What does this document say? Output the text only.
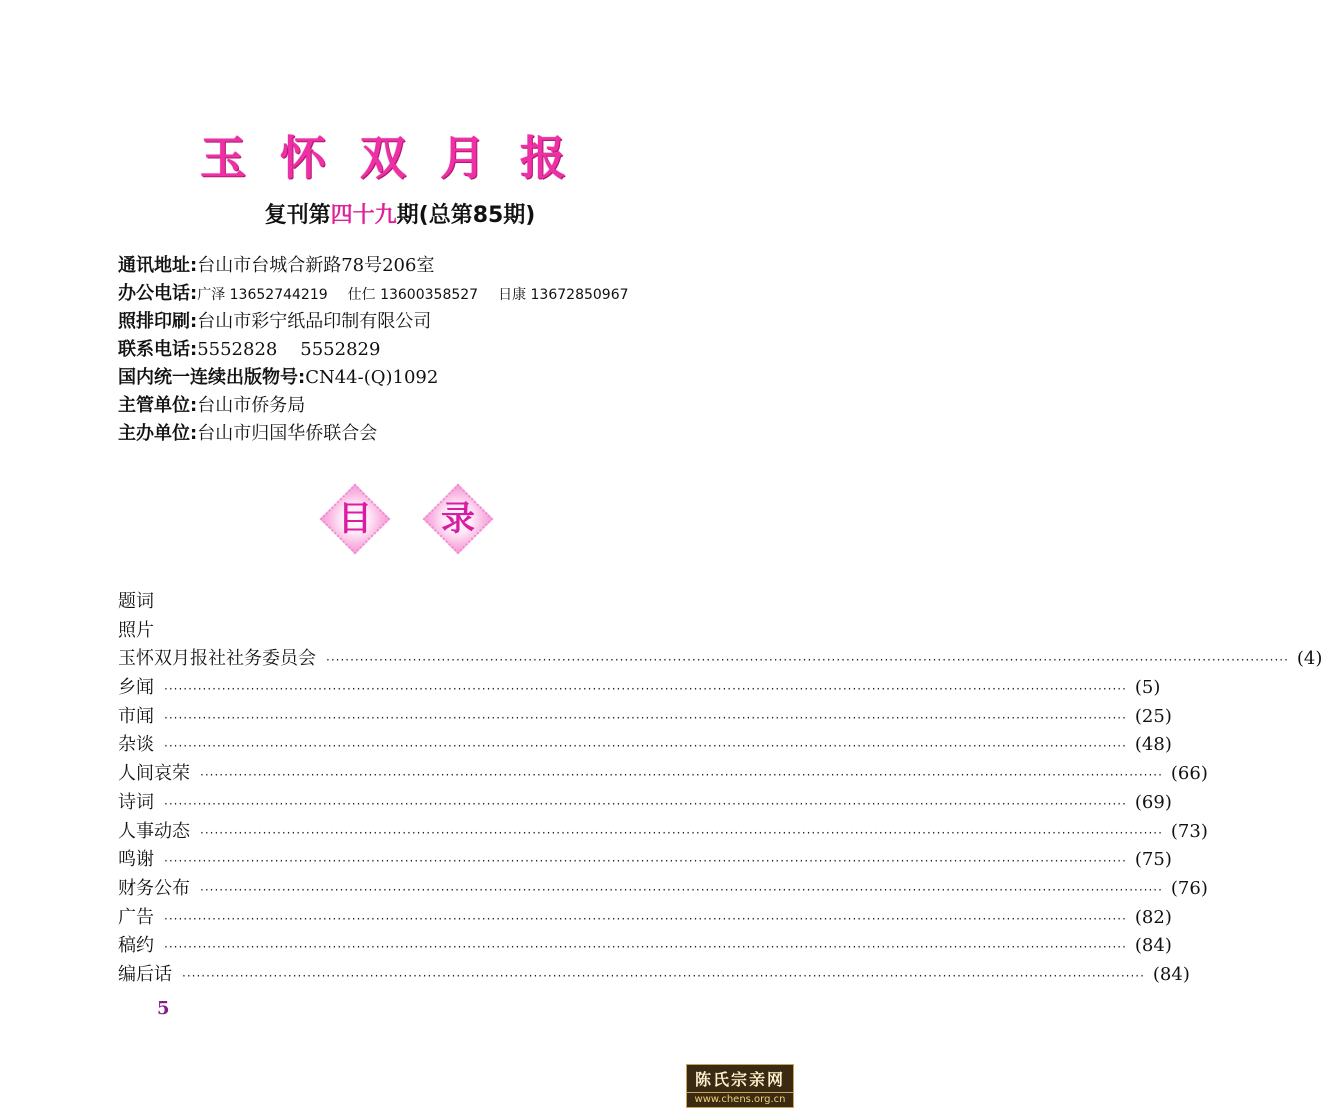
玉怀双月报
复刊第四十九期(总第85期)
通讯地址:台山市台城合新路78号206室
办公电话:广泽 13652744219 仕仁 13600358527 日康 13672850967
照排印刷:台山市彩宁纸品印制有限公司
联系电话:5552828    5552829
国内统一连续出版物号:CN44-(Q)1092
主管单位:台山市侨务局
主办单位:台山市归国华侨联合会
目	录
题词
照片
玉怀双月报社社务委员会 ········································································································································································································ (4)
乡闻 ········································································································································································································ (5)
市闻 ········································································································································································································ (25)
杂谈 ········································································································································································································ (48)
人间哀荣 ········································································································································································································ (66)
诗词 ········································································································································································································ (69)
人事动态 ········································································································································································································ (73)
鸣谢 ········································································································································································································ (75)
财务公布 ········································································································································································································ (76)
广告 ········································································································································································································ (82)
稿约 ········································································································································································································ (84)
编后话 ········································································································································································································ (84)
5
陈氏宗亲网
www.chens.org.cn
